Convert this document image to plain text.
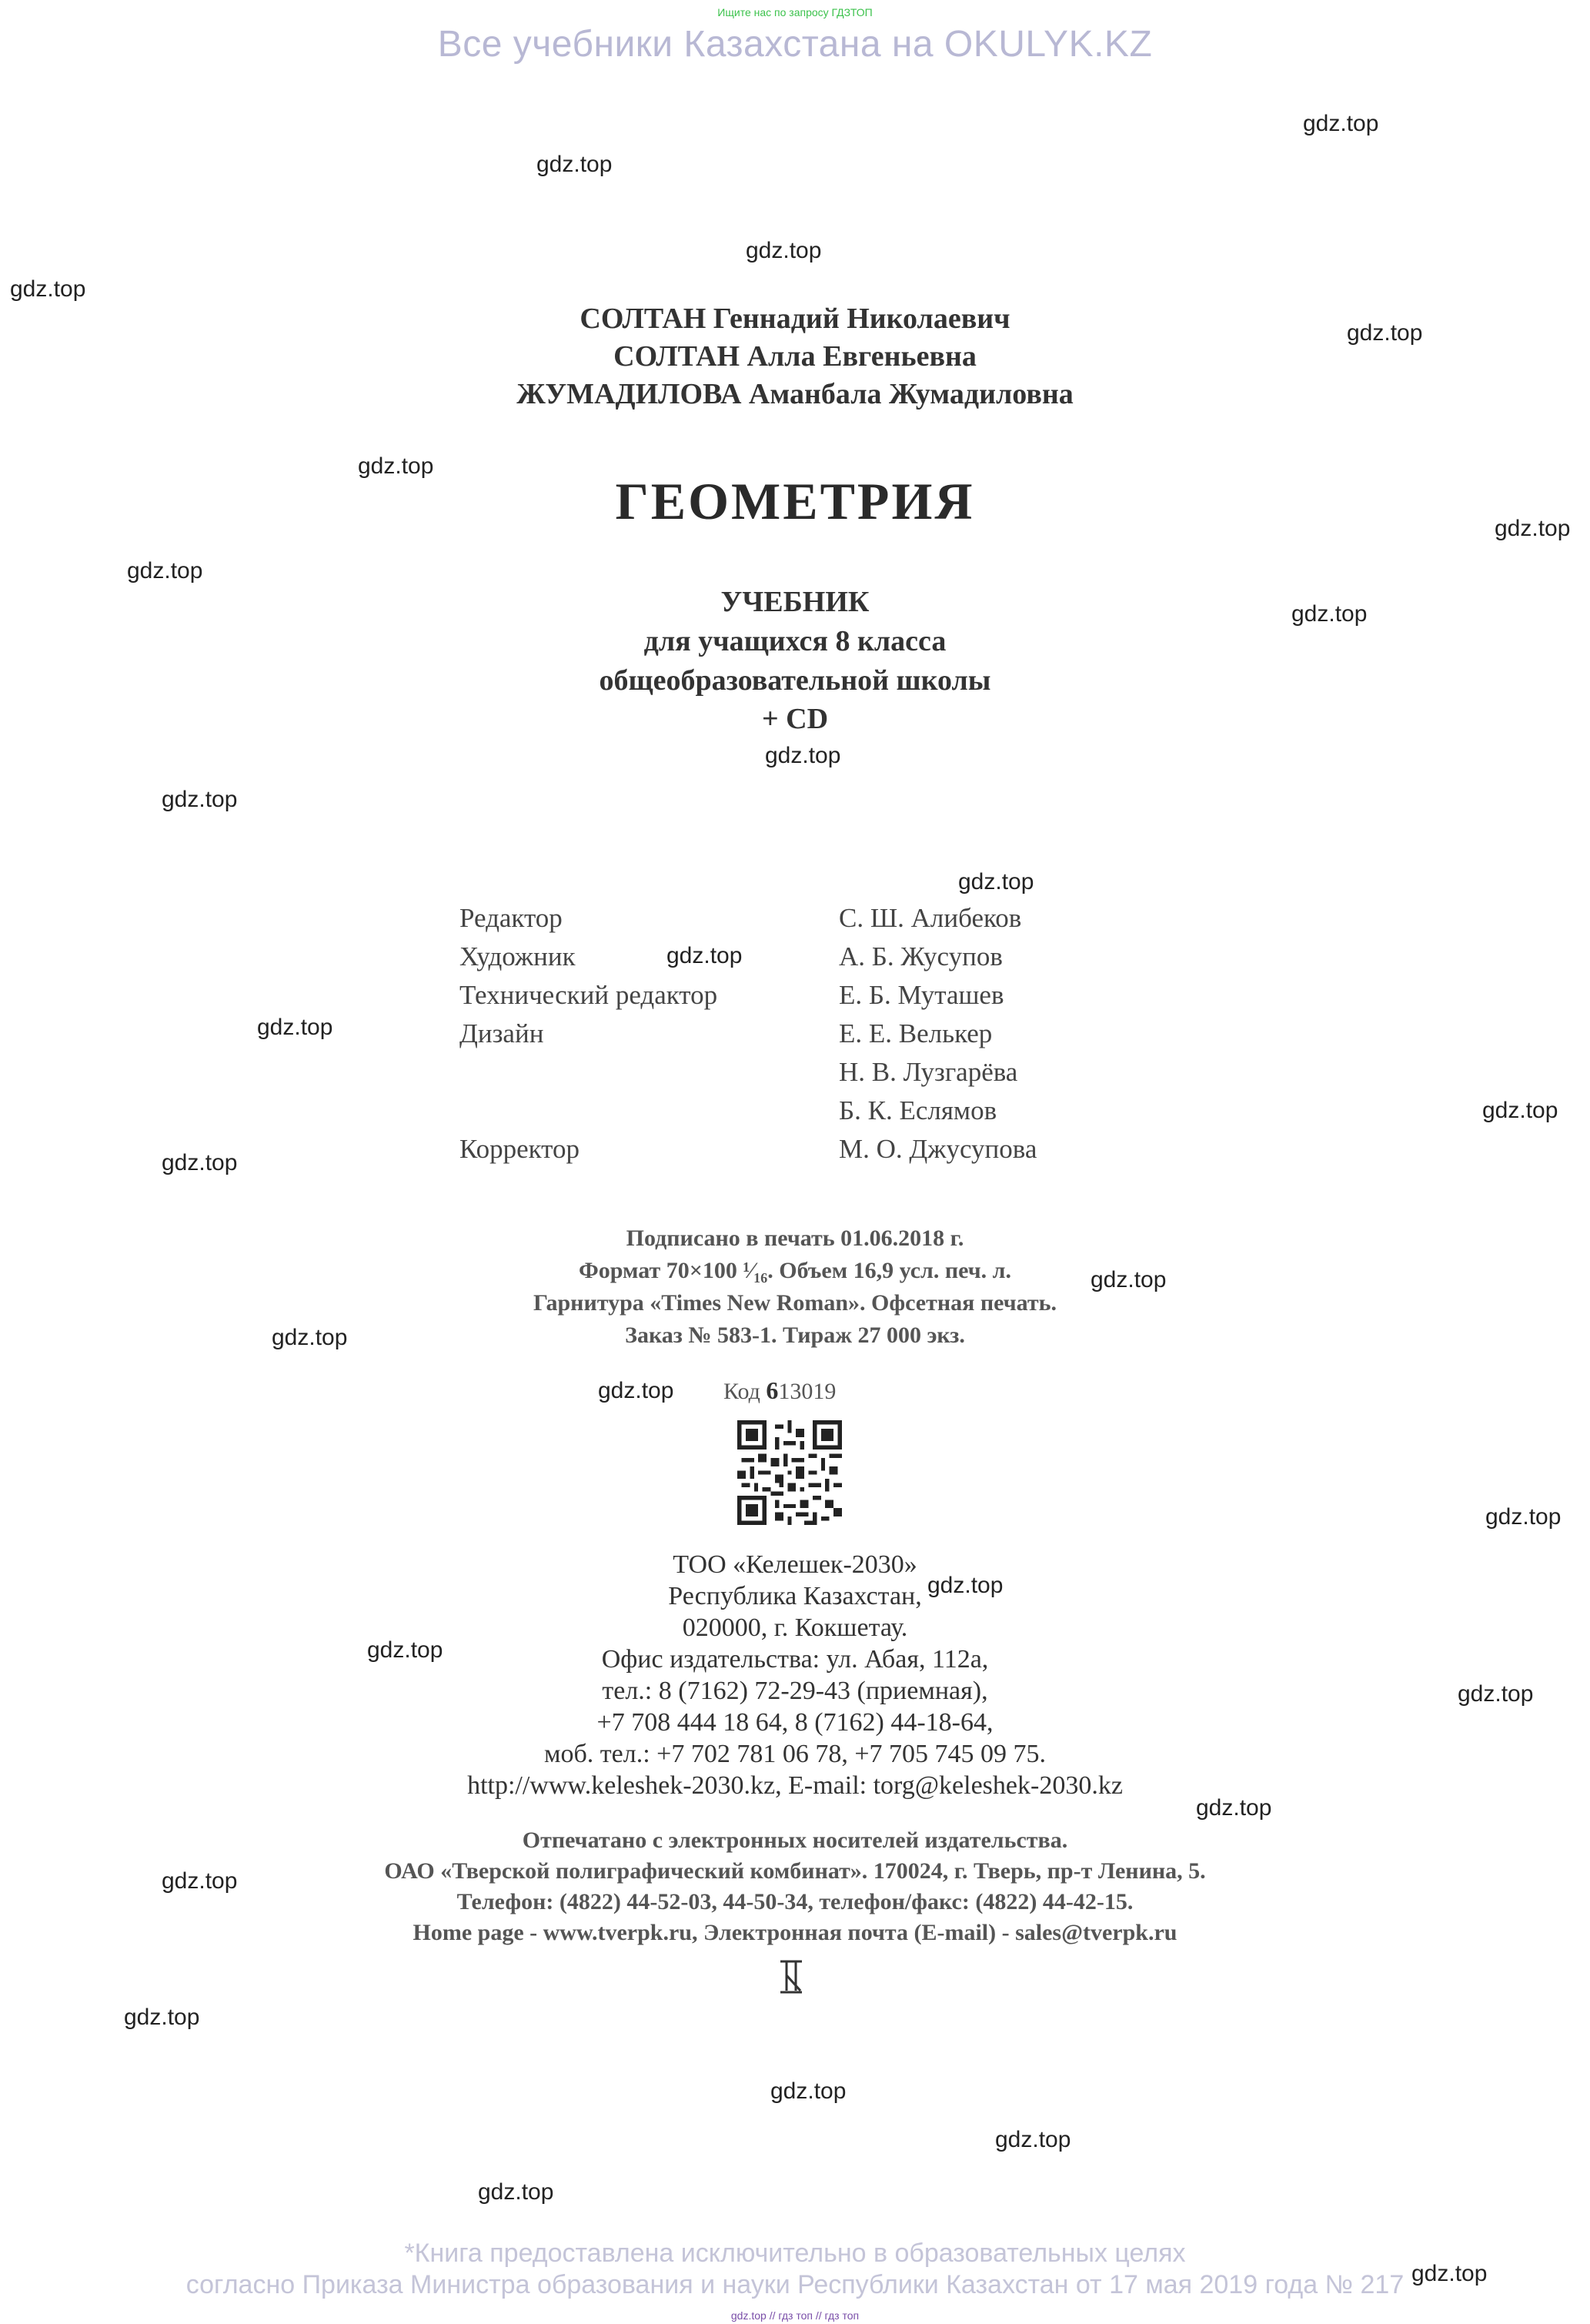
Ищите нас по запросу ГДЗТОП
Все учебники Казахстана на OKULYK.KZ
СОЛТАН Геннадий Николаевич
СОЛТАН Алла Евгеньевна
ЖУМАДИЛОВА Аманбала Жумадиловна
ГЕОМЕТРИЯ
УЧЕБНИК
для учащихся 8 класса
общеобразовательной школы
+ CD
Редактор
Художник
Технический редактор
Дизайн
Корректор
С. Ш. Алибеков
А. Б. Жусупов
Е. Б. Муташев
Е. Е. Велькер
Н. В. Лузгарёва
Б. К. Еслямов
М. О. Джусупова
Подписано в печать 01.06.2018 г.
Формат 70×100 ¹⁄₁₆. Объем 16,9 усл. печ. л.
Гарнитура «Times New Roman». Офсетная печать.
Заказ № 583-1. Тираж 27 000 экз.
Код 613019
ТОО «Келешек-2030»
Республика Казахстан,
020000, г. Кокшетау.
Офис издательства: ул. Абая, 112а,
тел.: 8 (7162) 72-29-43 (приемная),
+7 708 444 18 64, 8 (7162) 44-18-64,
моб. тел.: +7 702 781 06 78, +7 705 745 09 75.
http://www.keleshek-2030.kz, E-mail: torg@keleshek-2030.kz
Отпечатано с электронных носителей издательства.
ОАО «Тверской полиграфический комбинат». 170024, г. Тверь, пр-т Ленина, 5.
Телефон: (4822) 44-52-03, 44-50-34, телефон/факс: (4822) 44-42-15.
Home page - www.tverpk.ru, Электронная почта (E-mail) - sales@tverpk.ru
*Книга предоставлена исключительно в образовательных целях
согласно Приказа Министра образования и науки Республики Казахстан от 17 мая 2019 года № 217
gdz.top // гдз топ // гдз топ
gdz.top
gdz.top
gdz.top
gdz.top
gdz.top
gdz.top
gdz.top
gdz.top
gdz.top
gdz.top
gdz.top
gdz.top
gdz.top
gdz.top
gdz.top
gdz.top
gdz.top
gdz.top
gdz.top
gdz.top
gdz.top
gdz.top
gdz.top
gdz.top
gdz.top
gdz.top
gdz.top
gdz.top
gdz.top
gdz.top
